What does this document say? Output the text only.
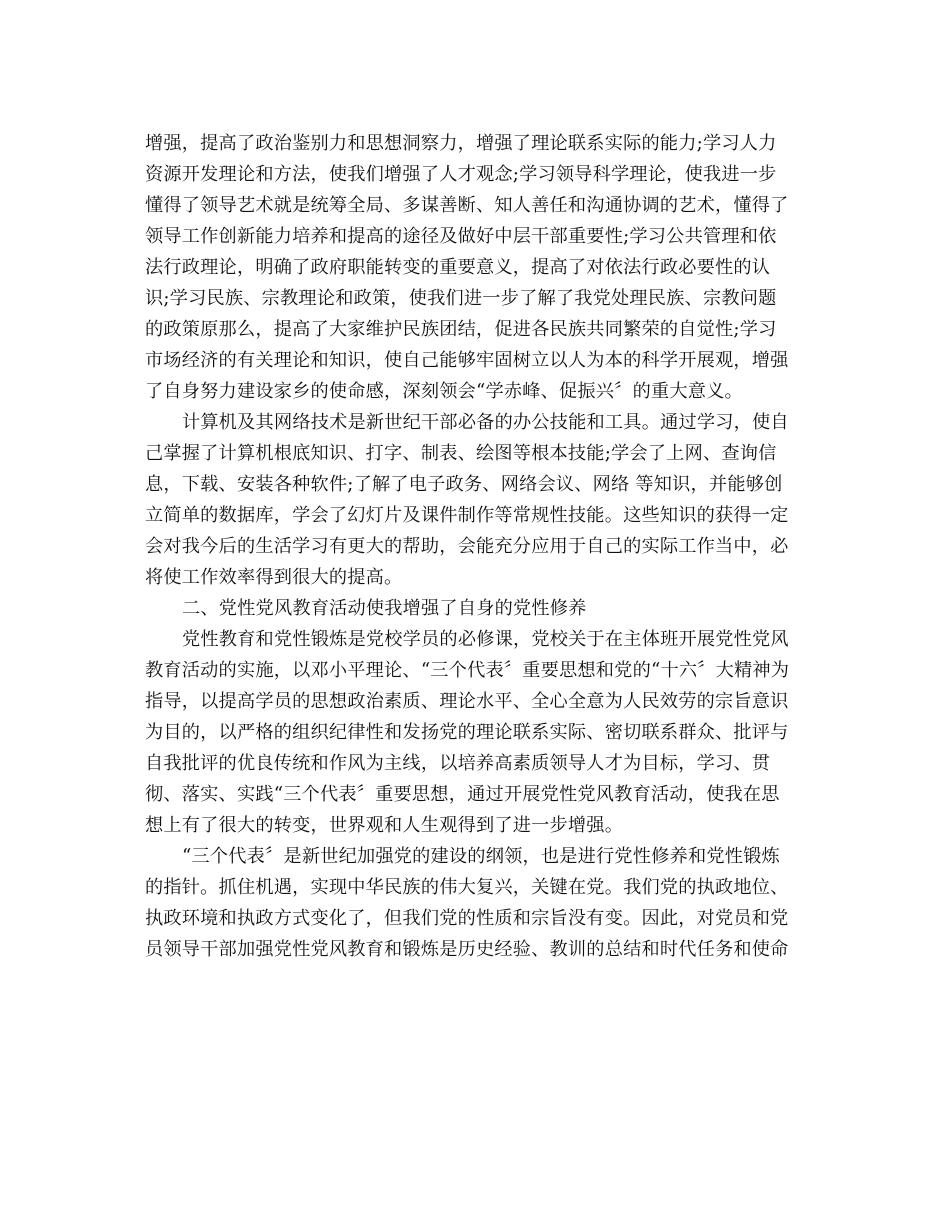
增强，提高了政治鉴别力和思想洞察力，增强了理论联系实际的能力;学习人力
资源开发理论和方法，使我们增强了人才观念;学习领导科学理论，使我进一步
懂得了领导艺术就是统筹全局、多谋善断、知人善任和沟通协调的艺术，懂得了
领导工作创新能力培养和提高的途径及做好中层干部重要性;学习公共管理和依
法行政理论，明确了政府职能转变的重要意义，提高了对依法行政必要性的认
识;学习民族、宗教理论和政策，使我们进一步了解了我党处理民族、宗教问题
的政策原那么，提高了大家维护民族团结，促进各民族共同繁荣的自觉性;学习
市场经济的有关理论和知识，使自己能够牢固树立以人为本的科学开展观，增强
了自身努力建设家乡的使命感，深刻领会“学赤峰、促振兴〞的重大意义。
计算机及其网络技术是新世纪干部必备的办公技能和工具。通过学习，使自
己掌握了计算机根底知识、打字、制表、绘图等根本技能;学会了上网、查询信
息，下载、安装各种软件;了解了电子政务、网络会议、网络 等知识，并能够创
立简单的数据库，学会了幻灯片及课件制作等常规性技能。这些知识的获得一定
会对我今后的生活学习有更大的帮助，会能充分应用于自己的实际工作当中，必
将使工作效率得到很大的提高。
二、党性党风教育活动使我增强了自身的党性修养
党性教育和党性锻炼是党校学员的必修课，党校关于在主体班开展党性党风
教育活动的实施，以邓小平理论、“三个代表〞重要思想和党的“十六〞大精神为
指导，以提高学员的思想政治素质、理论水平、全心全意为人民效劳的宗旨意识
为目的，以严格的组织纪律性和发扬党的理论联系实际、密切联系群众、批评与
自我批评的优良传统和作风为主线，以培养高素质领导人才为目标，学习、贯
彻、落实、实践“三个代表〞重要思想，通过开展党性党风教育活动，使我在思
想上有了很大的转变，世界观和人生观得到了进一步增强。
“三个代表〞是新世纪加强党的建设的纲领，也是进行党性修养和党性锻炼
的指针。抓住机遇，实现中华民族的伟大复兴，关键在党。我们党的执政地位、
执政环境和执政方式变化了，但我们党的性质和宗旨没有变。因此，对党员和党
员领导干部加强党性党风教育和锻炼是历史经验、教训的总结和时代任务和使命
